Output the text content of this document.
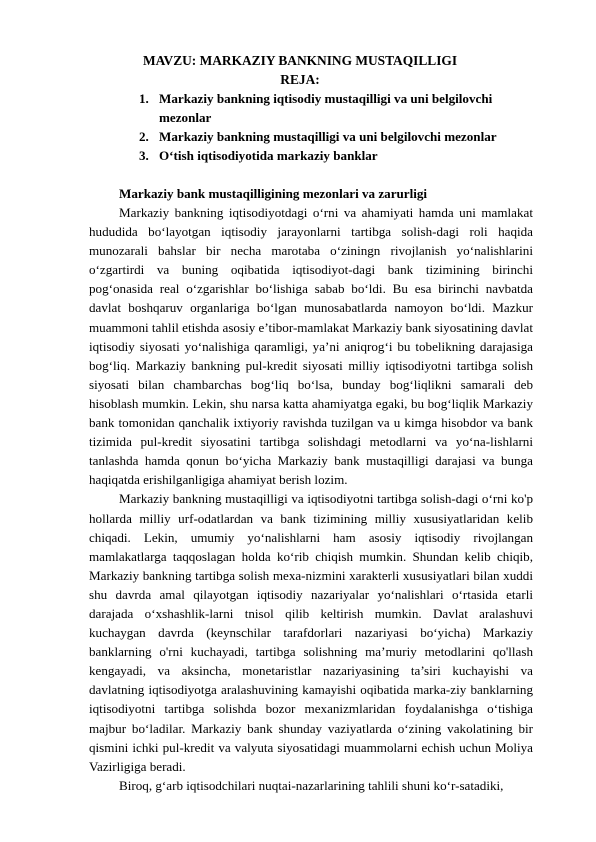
MAVZU: MARKAZIY BANKNING MUSTAQILLIGI
REJA:
1. Markaziy bankning iqtisodiy mustaqilligi va uni belgilovchi mezonlar
2. Markaziy bankning mustaqilligi va uni belgilovchi mezonlar
3. O‘tish iqtisodiyotida markaziy banklar
Markaziy bank mustaqilligining mezonlari va zarurligi

Markaziy bankning iqtisodiyotdagi o‘rni va ahamiyati hamda uni mamlakat hududida bo‘layotgan iqtisodiy jarayonlarni tartibga solish-dagi roli haqida munozarali bahslar bir necha marotaba o‘ziningn rivojlanish yo‘nalishlarini o‘zgartirdi va buning oqibatida iqtisodiyot-dagi bank tizimining birinchi pog‘onasida real o‘zgarishlar bo‘lishiga sabab bo‘ldi. Bu esa birinchi navbatda davlat boshqaruv organlariga bo‘lgan munosabatlarda namoyon bo‘ldi. Mazkur muammoni tahlil etishda asosiy e’tibor-mamlakat Markaziy bank siyosatining davlat iqtisodiy siyosati yo‘nalishiga qaramligi, ya’ni aniqrog‘i bu tobelikning darajasiga bog‘liq. Markaziy bankning pul-kredit siyosati milliy iqtisodiyotni tartibga solish siyosati bilan chambarchas bog‘liq bo‘lsa, bunday bog‘liqlikni samarali deb hisoblash mumkin. Lekin, shu narsa katta ahamiyatga egaki, bu bog‘liqlik Markaziy bank tomonidan qanchalik ixtiyoriy ravishda tuzilgan va u kimga hisobdor va bank tizimida pul-kredit siyosatini tartibga solishdagi metodlarni va yo‘na-lishlarni tanlashda hamda qonun bo‘yicha Markaziy bank mustaqilligi darajasi va bunga haqiqatda erishilganligiga ahamiyat berish lozim.

Markaziy bankning mustaqilligi va iqtisodiyotni tartibga solish-dagi o‘rni ko'p hollarda milliy urf-odatlardan va bank tizimining milliy xususiyatlaridan kelib chiqadi. Lekin, umumiy yo‘nalishlarni ham asosiy iqtisodiy rivojlangan mamlakatlarga taqqoslagan holda ko‘rib chiqish mumkin. Shundan kelib chiqib, Markaziy bankning tartibga solish mexa-nizmini xarakterli xususiyatlari bilan xuddi shu davrda amal qilayotgan iqtisodiy nazariyalar yo‘nalishlari o‘rtasida etarli darajada o‘xshashlik-larni tnisol qilib keltirish mumkin. Davlat aralashuvi kuchaygan davrda (keynschilar tarafdorlari nazariyasi bo‘yicha) Markaziy banklarning o'rni kuchayadi, tartibga solishning ma’muriy metodlarini qo'llash kengayadi, va aksincha, monetaristlar nazariyasining ta’siri kuchayishi va davlatning iqtisodiyotga aralashuvining kamayishi oqibatida marka-ziy banklarning iqtisodiyotni tartibga solishda bozor mexanizmlaridan foydalanishga o‘tishiga majbur bo‘ladilar. Markaziy bank shunday vaziyatlarda o‘zining vakolatining bir qismini ichki pul-kredit va valyuta siyosatidagi muammolarni echish uchun Moliya Vazirligiga beradi.

Biroq, g‘arb iqtisodchilari nuqtai-nazarlarining tahlili shuni ko‘r-satadiki,
